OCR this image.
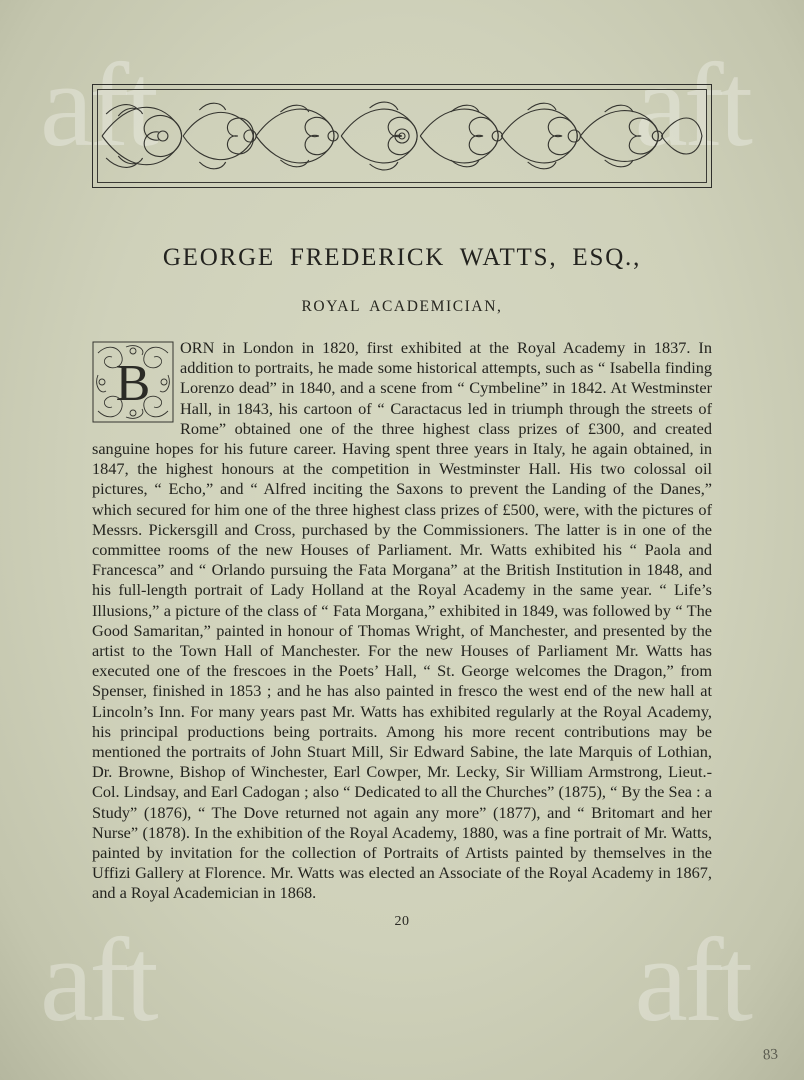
aft	aft
aft	aft
GEORGE FREDERICK WATTS, ESQ.,
ROYAL ACADEMICIAN,
B

ORN in London in 1820, first exhibited at the Royal Academy in 1837. In addition to portraits, he made some historical attempts, such as “ Isabella finding Lorenzo dead” in 1840, and a scene from “ Cymbeline” in 1842. At Westminster Hall, in 1843, his cartoon of “ Caractacus led in triumph through the streets of Rome” obtained one of the three highest class prizes of £300, and created sanguine hopes for his future career. Having spent three years in Italy, he again obtained, in 1847, the highest honours at the competition in Westminster Hall. His two colossal oil pictures, “ Echo,” and “ Alfred inciting the Saxons to prevent the Landing of the Danes,” which secured for him one of the three highest class prizes of £500, were, with the pictures of Messrs. Pickersgill and Cross, purchased by the Commissioners. The latter is in one of the committee rooms of the new Houses of Parliament. Mr. Watts exhibited his “ Paola and Francesca” and “ Orlando pursuing the Fata Morgana” at the British Institution in 1848, and his full-length portrait of Lady Holland at the Royal Academy in the same year. “ Life’s Illusions,” a picture of the class of “ Fata Morgana,” exhibited in 1849, was followed by “ The Good Samaritan,” painted in honour of Thomas Wright, of Manchester, and presented by the artist to the Town Hall of Manchester. For the new Houses of Parliament Mr. Watts has executed one of the frescoes in the Poets’ Hall, “ St. George welcomes the Dragon,” from Spenser, finished in 1853 ; and he has also painted in fresco the west end of the new hall at Lincoln’s Inn. For many years past Mr. Watts has exhibited regularly at the Royal Academy, his principal productions being portraits. Among his more recent contributions may be mentioned the portraits of John Stuart Mill, Sir Edward Sabine, the late Marquis of Lothian, Dr. Browne, Bishop of Winchester, Earl Cowper, Mr. Lecky, Sir William Armstrong, Lieut.-Col. Lindsay, and Earl Cadogan ; also “ Dedicated to all the Churches” (1875), “ By the Sea : a Study” (1876), “ The Dove returned not again any more” (1877), and “ Britomart and her Nurse” (1878). In the exhibition of the Royal Academy, 1880, was a fine portrait of Mr. Watts, painted by invitation for the collection of Portraits of Artists painted by themselves in the Uffizi Gallery at Florence. Mr. Watts was elected an Associate of the Royal Academy in 1867, and a Royal Academician in 1868.

20
83
